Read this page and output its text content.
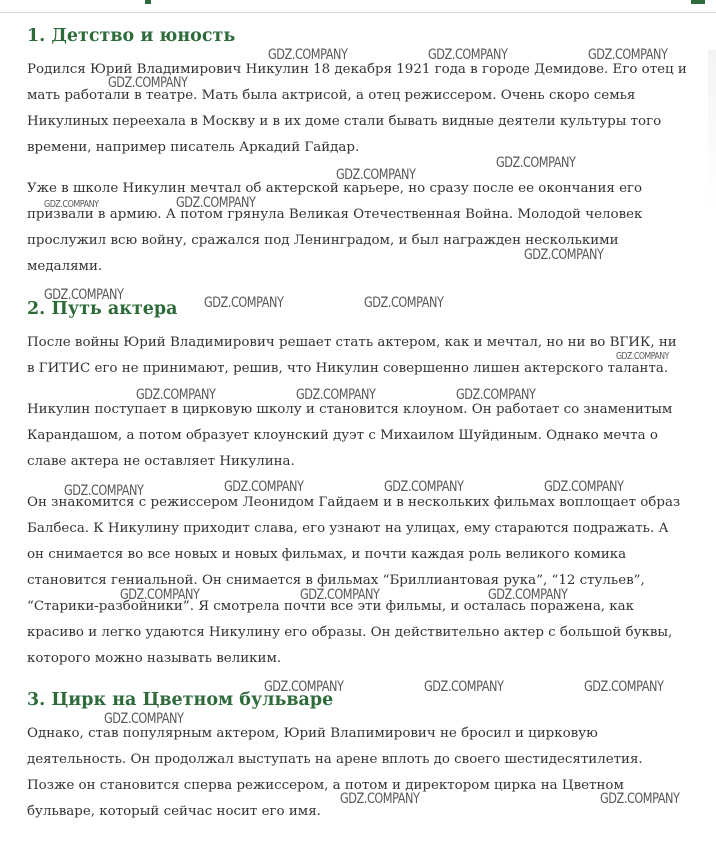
1. Детство и юность

Родился Юрий Владимирович Никулин 18 декабря 1921 года в городе Демидове. Его отец и мать работали в театре. Мать была актрисой, а отец режиссером. Очень скоро семья Никулиных переехала в Москву и в их доме стали бывать видные деятели культуры того времени, например писатель Аркадий Гайдар.

Уже в школе Никулин мечтал об актерской карьере, но сразу после ее окончания его призвали в армию. А потом грянула Великая Отечественная Война. Молодой человек прослужил всю войну, сражался под Ленинградом, и был награжден несколькими медалями.

2. Путь актера

После войны Юрий Владимирович решает стать актером, как и мечтал, но ни во ВГИК, ни в ГИТИС его не принимают, решив, что Никулин совершенно лишен актерского таланта.

Никулин поступает в цирковую школу и становится клоуном. Он работает со знаменитым Карандашом, а потом образует клоунский дуэт с Михаилом Шуйдиным. Однако мечта о славе актера не оставляет Никулина.

Он знакомится с режиссером Леонидом Гайдаем и в нескольких фильмах воплощает образ Балбеса. К Никулину приходит слава, его узнают на улицах, ему стараются подражать. А он снимается во все новых и новых фильмах, и почти каждая роль великого комика становится гениальной. Он снимается в фильмах “Бриллиантовая рука”, “12 стульев”, “Старики-разбойники”. Я смотрела почти все эти фильмы, и осталась поражена, как красиво и легко удаются Никулину его образы. Он действительно актер с большой буквы, которого можно называть великим.

3. Цирк на Цветном бульваре

Однако, став популярным актером, Юрий Влапимирович не бросил и цирковую деятельность. Он продолжал выступать на арене вплоть до своего шестидесятилетия. Позже он становится сперва режиссером, а потом и директором цирка на Цветном бульваре, который сейчас носит его имя.

GDZ.COMPANY	GDZ.COMPANY	GDZ.COMPANY
GDZ.COMPANY
GDZ.COMPANY
GDZ.COMPANY
GDZ.COMPANY
GDZ.COMPANY
GDZ.COMPANY
GDZ.COMPANY	GDZ.COMPANY	GDZ.COMPANY
GDZ.COMPANY
GDZ.COMPANY	GDZ.COMPANY	GDZ.COMPANY
GDZ.COMPANY	GDZ.COMPANY	GDZ.COMPANY
GDZ.COMPANY
GDZ.COMPANY	GDZ.COMPANY	GDZ.COMPANY
GDZ.COMPANY	GDZ.COMPANY	GDZ.COMPANY
GDZ.COMPANY
GDZ.COMPANY	GDZ.COMPANY
